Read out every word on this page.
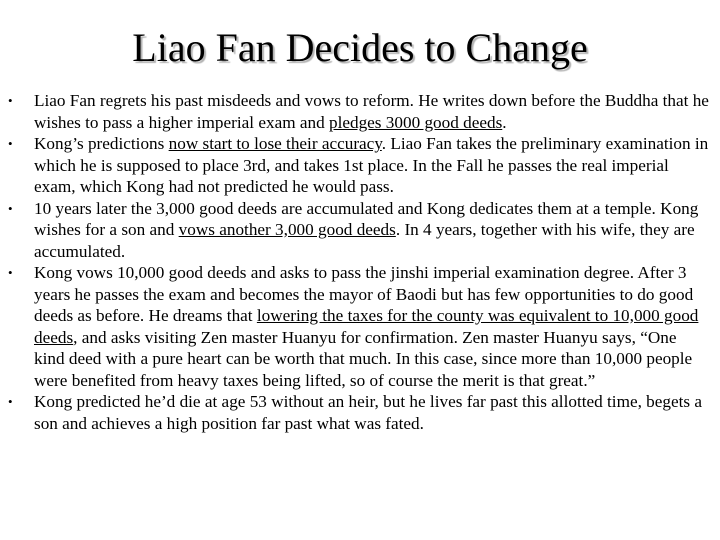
Liao Fan Decides to Change
•	Liao Fan regrets his past misdeeds and vows to reform. He writes down before the Buddha that he wishes to pass a higher imperial exam and pledges 3000 good deeds.
•	Kong’s predictions now start to lose their accuracy. Liao Fan takes the preliminary examination in which he is supposed to place 3rd, and takes 1st place. In the Fall he passes the real imperial exam, which Kong had not predicted he would pass.
•	10 years later the 3,000 good deeds are accumulated and Kong dedicates them at a temple. Kong wishes for a son and vows another 3,000 good deeds. In 4 years, together with his wife, they are accumulated.
•	Kong vows 10,000 good deeds and asks to pass the jinshi imperial examination degree. After 3 years he passes the exam and becomes the mayor of Baodi but has few opportunities to do good deeds as before. He dreams that lowering the taxes for the county was equivalent to 10,000 good deeds, and asks visiting Zen master Huanyu for confirmation. Zen master Huanyu says, “One kind deed with a pure heart can be worth that much. In this case, since more than 10,000 people were benefited from heavy taxes being lifted, so of course the merit is that great.”
•	Kong predicted he’d die at age 53 without an heir, but he lives far past this allotted time, begets a son and achieves a high position far past what was fated.
